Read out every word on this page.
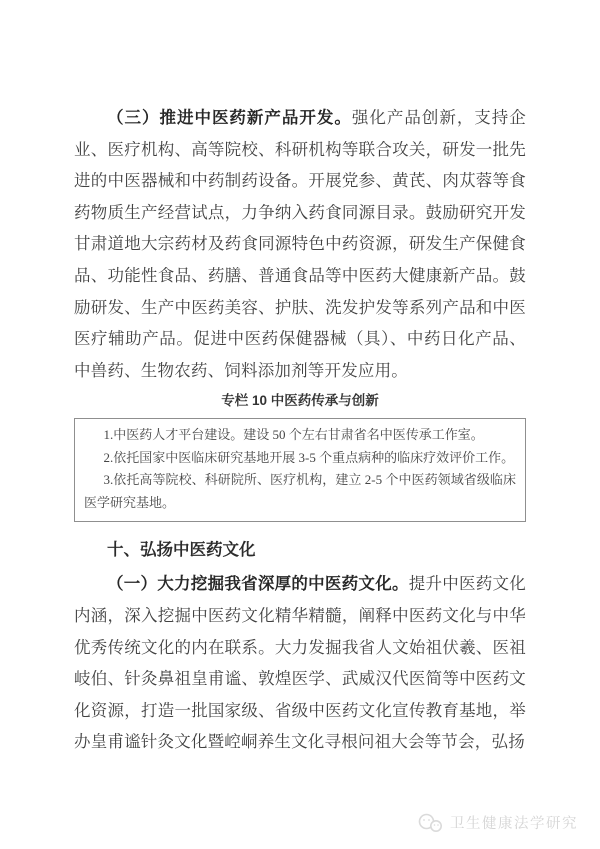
（三）推进中医药新产品开发。强化产品创新，支持企业、医疗机构、高等院校、科研机构等联合攻关，研发一批先进的中医器械和中药制药设备。开展党参、黄芪、肉苁蓉等食药物质生产经营试点，力争纳入药食同源目录。鼓励研究开发甘肃道地大宗药材及药食同源特色中药资源，研发生产保健食品、功能性食品、药膳、普通食品等中医药大健康新产品。鼓励研发、生产中医药美容、护肤、洗发护发等系列产品和中医医疗辅助产品。促进中医药保健器械（具）、中药日化产品、中兽药、生物农药、饲料添加剂等开发应用。

专栏 10 中医药传承与创新

1.中医药人才平台建设。建设 50 个左右甘肃省名中医传承工作室。

2.依托国家中医临床研究基地开展 3-5 个重点病种的临床疗效评价工作。

3.依托高等院校、科研院所、医疗机构，建立 2-5 个中医药领域省级临床医学研究基地。

十、弘扬中医药文化

（一）大力挖掘我省深厚的中医药文化。提升中医药文化内涵，深入挖掘中医药文化精华精髓，阐释中医药文化与中华优秀传统文化的内在联系。大力发掘我省人文始祖伏羲、医祖岐伯、针灸鼻祖皇甫谧、敦煌医学、武威汉代医简等中医药文化资源，打造一批国家级、省级中医药文化宣传教育基地，举办皇甫谧针灸文化暨崆峒养生文化寻根问祖大会等节会，弘扬

卫生健康法学研究
